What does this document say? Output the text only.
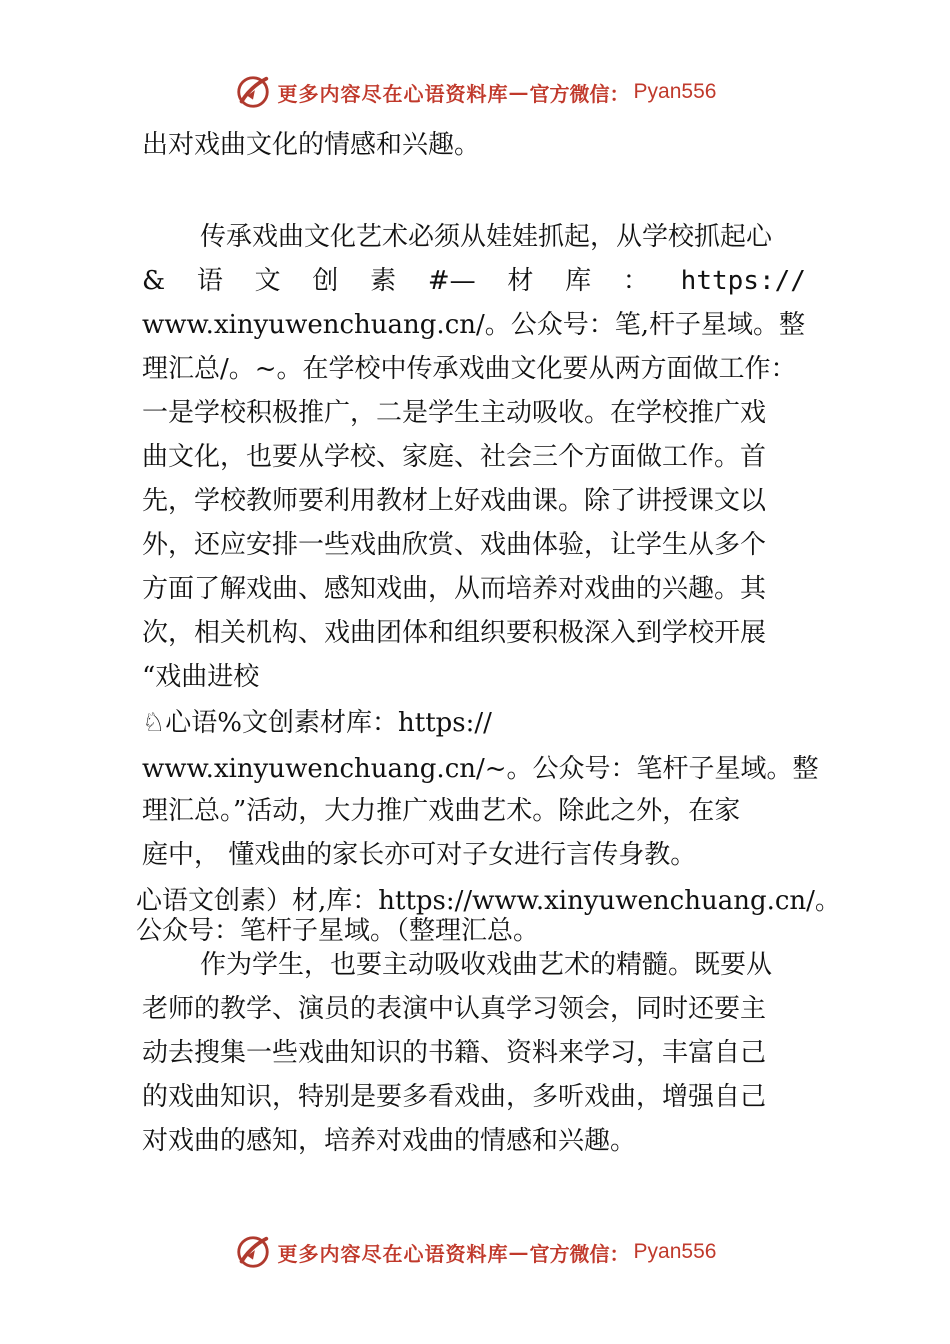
更多内容尽在心语资料库 — 官方微信： Pyan556
出对戏曲文化的情感和兴趣。
传承戏曲文化艺术必须从娃娃抓起，从学校抓起心
& 语 文 创 素 #— 材 库 ： https://
www.xinyuwenchuang.cn/。公众号：笔,杆子星域。整
理汇总/。~。在学校中传承戏曲文化要从两方面做工作：
一是学校积极推广，二是学生主动吸收。在学校推广戏
曲文化，也要从学校、家庭、社会三个方面做工作。首
先，学校教师要利用教材上好戏曲课。除了讲授课文以
外，还应安排一些戏曲欣赏、戏曲体验，让学生从多个
方面了解戏曲、感知戏曲，从而培养对戏曲的兴趣。其
次，相关机构、戏曲团体和组织要积极深入到学校开展
“戏曲进校
♘心语%文创素材库：https://
www.xinyuwenchuang.cn/~。公众号：笔杆子星域。整
理汇总。”活动，大力推广戏曲艺术。除此之外，在家
庭中， 懂戏曲的家长亦可对子女进行言传身教。
心语文创素）材,库：https://www.xinyuwenchuang.cn/。
公众号：笔杆子星域。（整理汇总。
作为学生，也要主动吸收戏曲艺术的精髓。既要从
老师的教学、演员的表演中认真学习领会，同时还要主
动去搜集一些戏曲知识的书籍、资料来学习，丰富自己
的戏曲知识，特别是要多看戏曲，多听戏曲，增强自己
对戏曲的感知，培养对戏曲的情感和兴趣。
更多内容尽在心语资料库 — 官方微信： Pyan556
